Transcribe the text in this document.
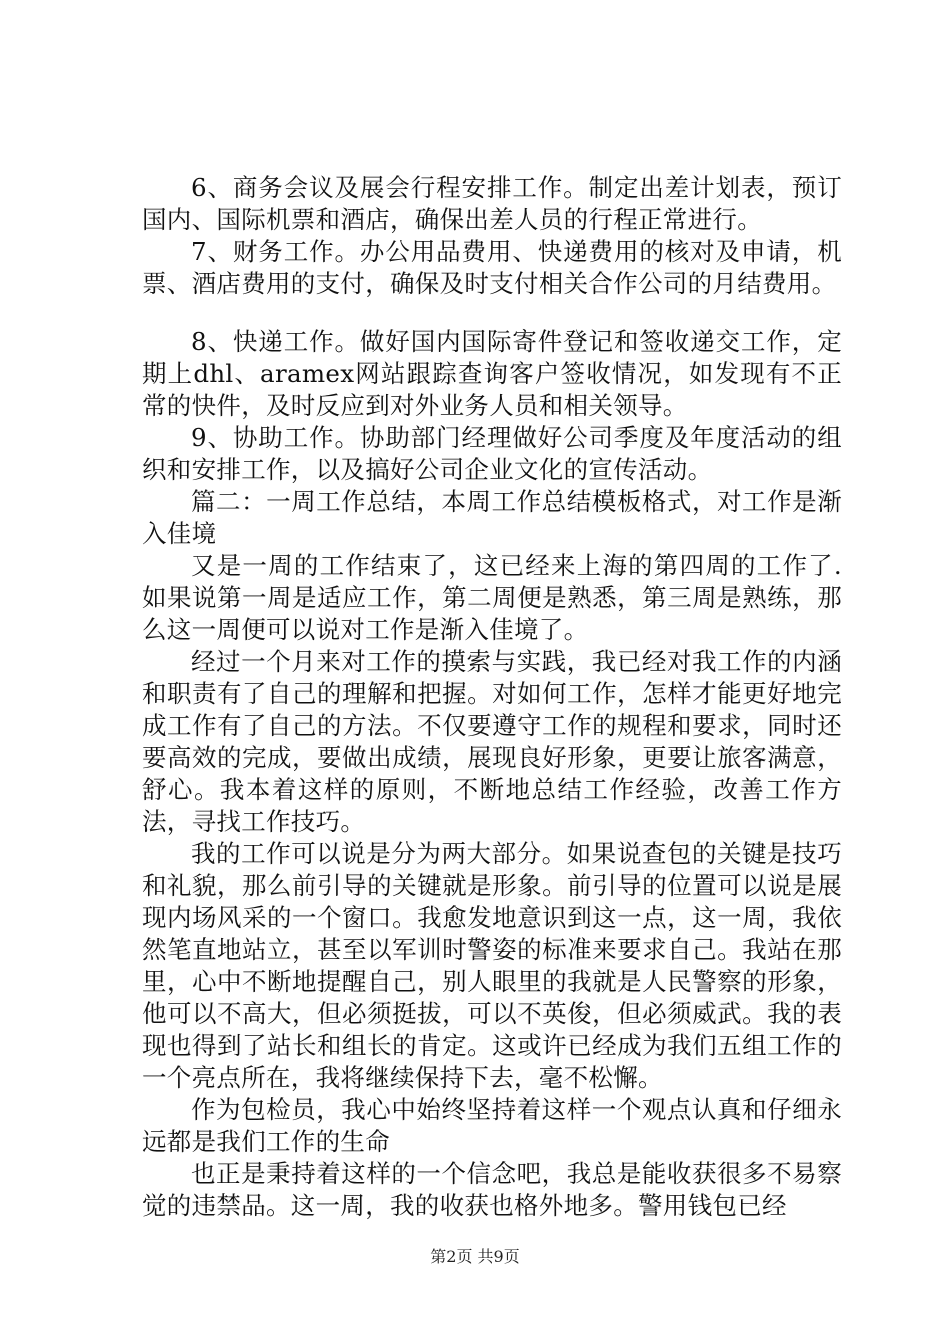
6、商务会议及展会行程安排工作。制定出差计划表，预订国内、国际机票和酒店，确保出差人员的行程正常进行。

7、财务工作。办公用品费用、快递费用的核对及申请，机票、酒店费用的支付，确保及时支付相关合作公司的月结费用。

8、快递工作。做好国内国际寄件登记和签收递交工作，定期上dhl、aramex网站跟踪查询客户签收情况，如发现有不正常的快件，及时反应到对外业务人员和相关领导。

9、协助工作。协助部门经理做好公司季度及年度活动的组织和安排工作，以及搞好公司企业文化的宣传活动。

篇二：一周工作总结，本周工作总结模板格式，对工作是渐入佳境

又是一周的工作结束了，这已经来上海的第四周的工作了.如果说第一周是适应工作，第二周便是熟悉，第三周是熟练，那么这一周便可以说对工作是渐入佳境了。

经过一个月来对工作的摸索与实践，我已经对我工作的内涵和职责有了自己的理解和把握。对如何工作，怎样才能更好地完成工作有了自己的方法。不仅要遵守工作的规程和要求，同时还要高效的完成，要做出成绩，展现良好形象，更要让旅客满意，舒心。我本着这样的原则，不断地总结工作经验，改善工作方法，寻找工作技巧。

我的工作可以说是分为两大部分。如果说查包的关键是技巧和礼貌，那么前引导的关键就是形象。前引导的位置可以说是展现内场风采的一个窗口。我愈发地意识到这一点，这一周，我依然笔直地站立，甚至以军训时警姿的标准来要求自己。我站在那里，心中不断地提醒自己，别人眼里的我就是人民警察的形象，他可以不高大，但必须挺拔，可以不英俊，但必须威武。我的表现也得到了站长和组长的肯定。这或许已经成为我们五组工作的一个亮点所在，我将继续保持下去，毫不松懈。

作为包检员，我心中始终坚持着这样一个观点认真和仔细永远都是我们工作的生命

也正是秉持着这样的一个信念吧，我总是能收获很多不易察觉的违禁品。这一周，我的收获也格外地多。警用钱包已经

第2页 共9页
